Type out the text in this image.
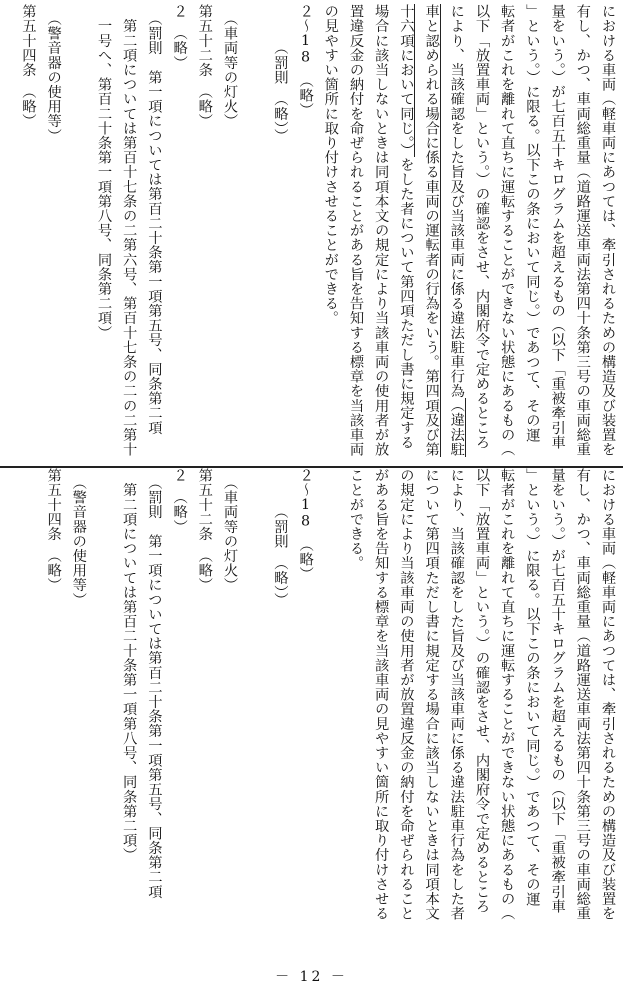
における車両（軽車両にあつては、牽引されるための構造及び装置を
有し、かつ、車両総重量（道路運送車両法第四十条第三号の車両総重
量をいう。）が七百五十キログラムを超えるもの（以下「重被牽引車
」という。）に限る。以下この条において同じ。）であつて、その運
転者がこれを離れて直ちに運転することができない状態にあるもの（
以下「放置車両」という。）の確認をさせ、内閣府令で定めるところ
により、当該確認をした旨及び当該車両に係る違法駐車行為（違法駐
車と認められる場合に係る車両の運転者の行為をいう。第四項及び第
十六項において同じ。）をした者について第四項ただし書に規定する
場合に該当しないときは同項本文の規定により当該車両の使用者が放
置違反金の納付を命ぜられることがある旨を告知する標章を当該車両
の見やすい箇所に取り付けさせることができる。
２～18　（略）
　　　（罰則　（略））
　（車両等の灯火）
第五十二条　（略）
２　（略）
　（罰則　第一項については第百二十条第一項第五号、同条第二項
　第二項については第百十七条の二第六号、第百十七条の二の二第十
　一号へ、第百二十条第一項第八号、同条第二項）
　（警音器の使用等）
第五十四条　（略）
における車両（軽車両にあつては、牽引されるための構造及び装置を
有し、かつ、車両総重量（道路運送車両法第四十条第三号の車両総重
量をいう。）が七百五十キログラムを超えるもの（以下「重被牽引車
」という。）に限る。以下この条において同じ。）であつて、その運
転者がこれを離れて直ちに運転することができない状態にあるもの（
以下「放置車両」という。）の確認をさせ、内閣府令で定めるところ
により、当該確認をした旨及び当該車両に係る違法駐車行為をした者
について第四項ただし書に規定する場合に該当しないときは同項本文
の規定により当該車両の使用者が放置違反金の納付を命ぜられること
がある旨を告知する標章を当該車両の見やすい箇所に取り付けさせる
ことができる。
２～18　（略）
　　　（罰則　（略））
　（車両等の灯火）
第五十二条　（略）
２　（略）
　（罰則　第一項については第百二十条第一項第五号、同条第二項
　第二項については第百二十条第一項第八号、同条第二項）
　（警音器の使用等）
第五十四条　（略）
－ 12 －
